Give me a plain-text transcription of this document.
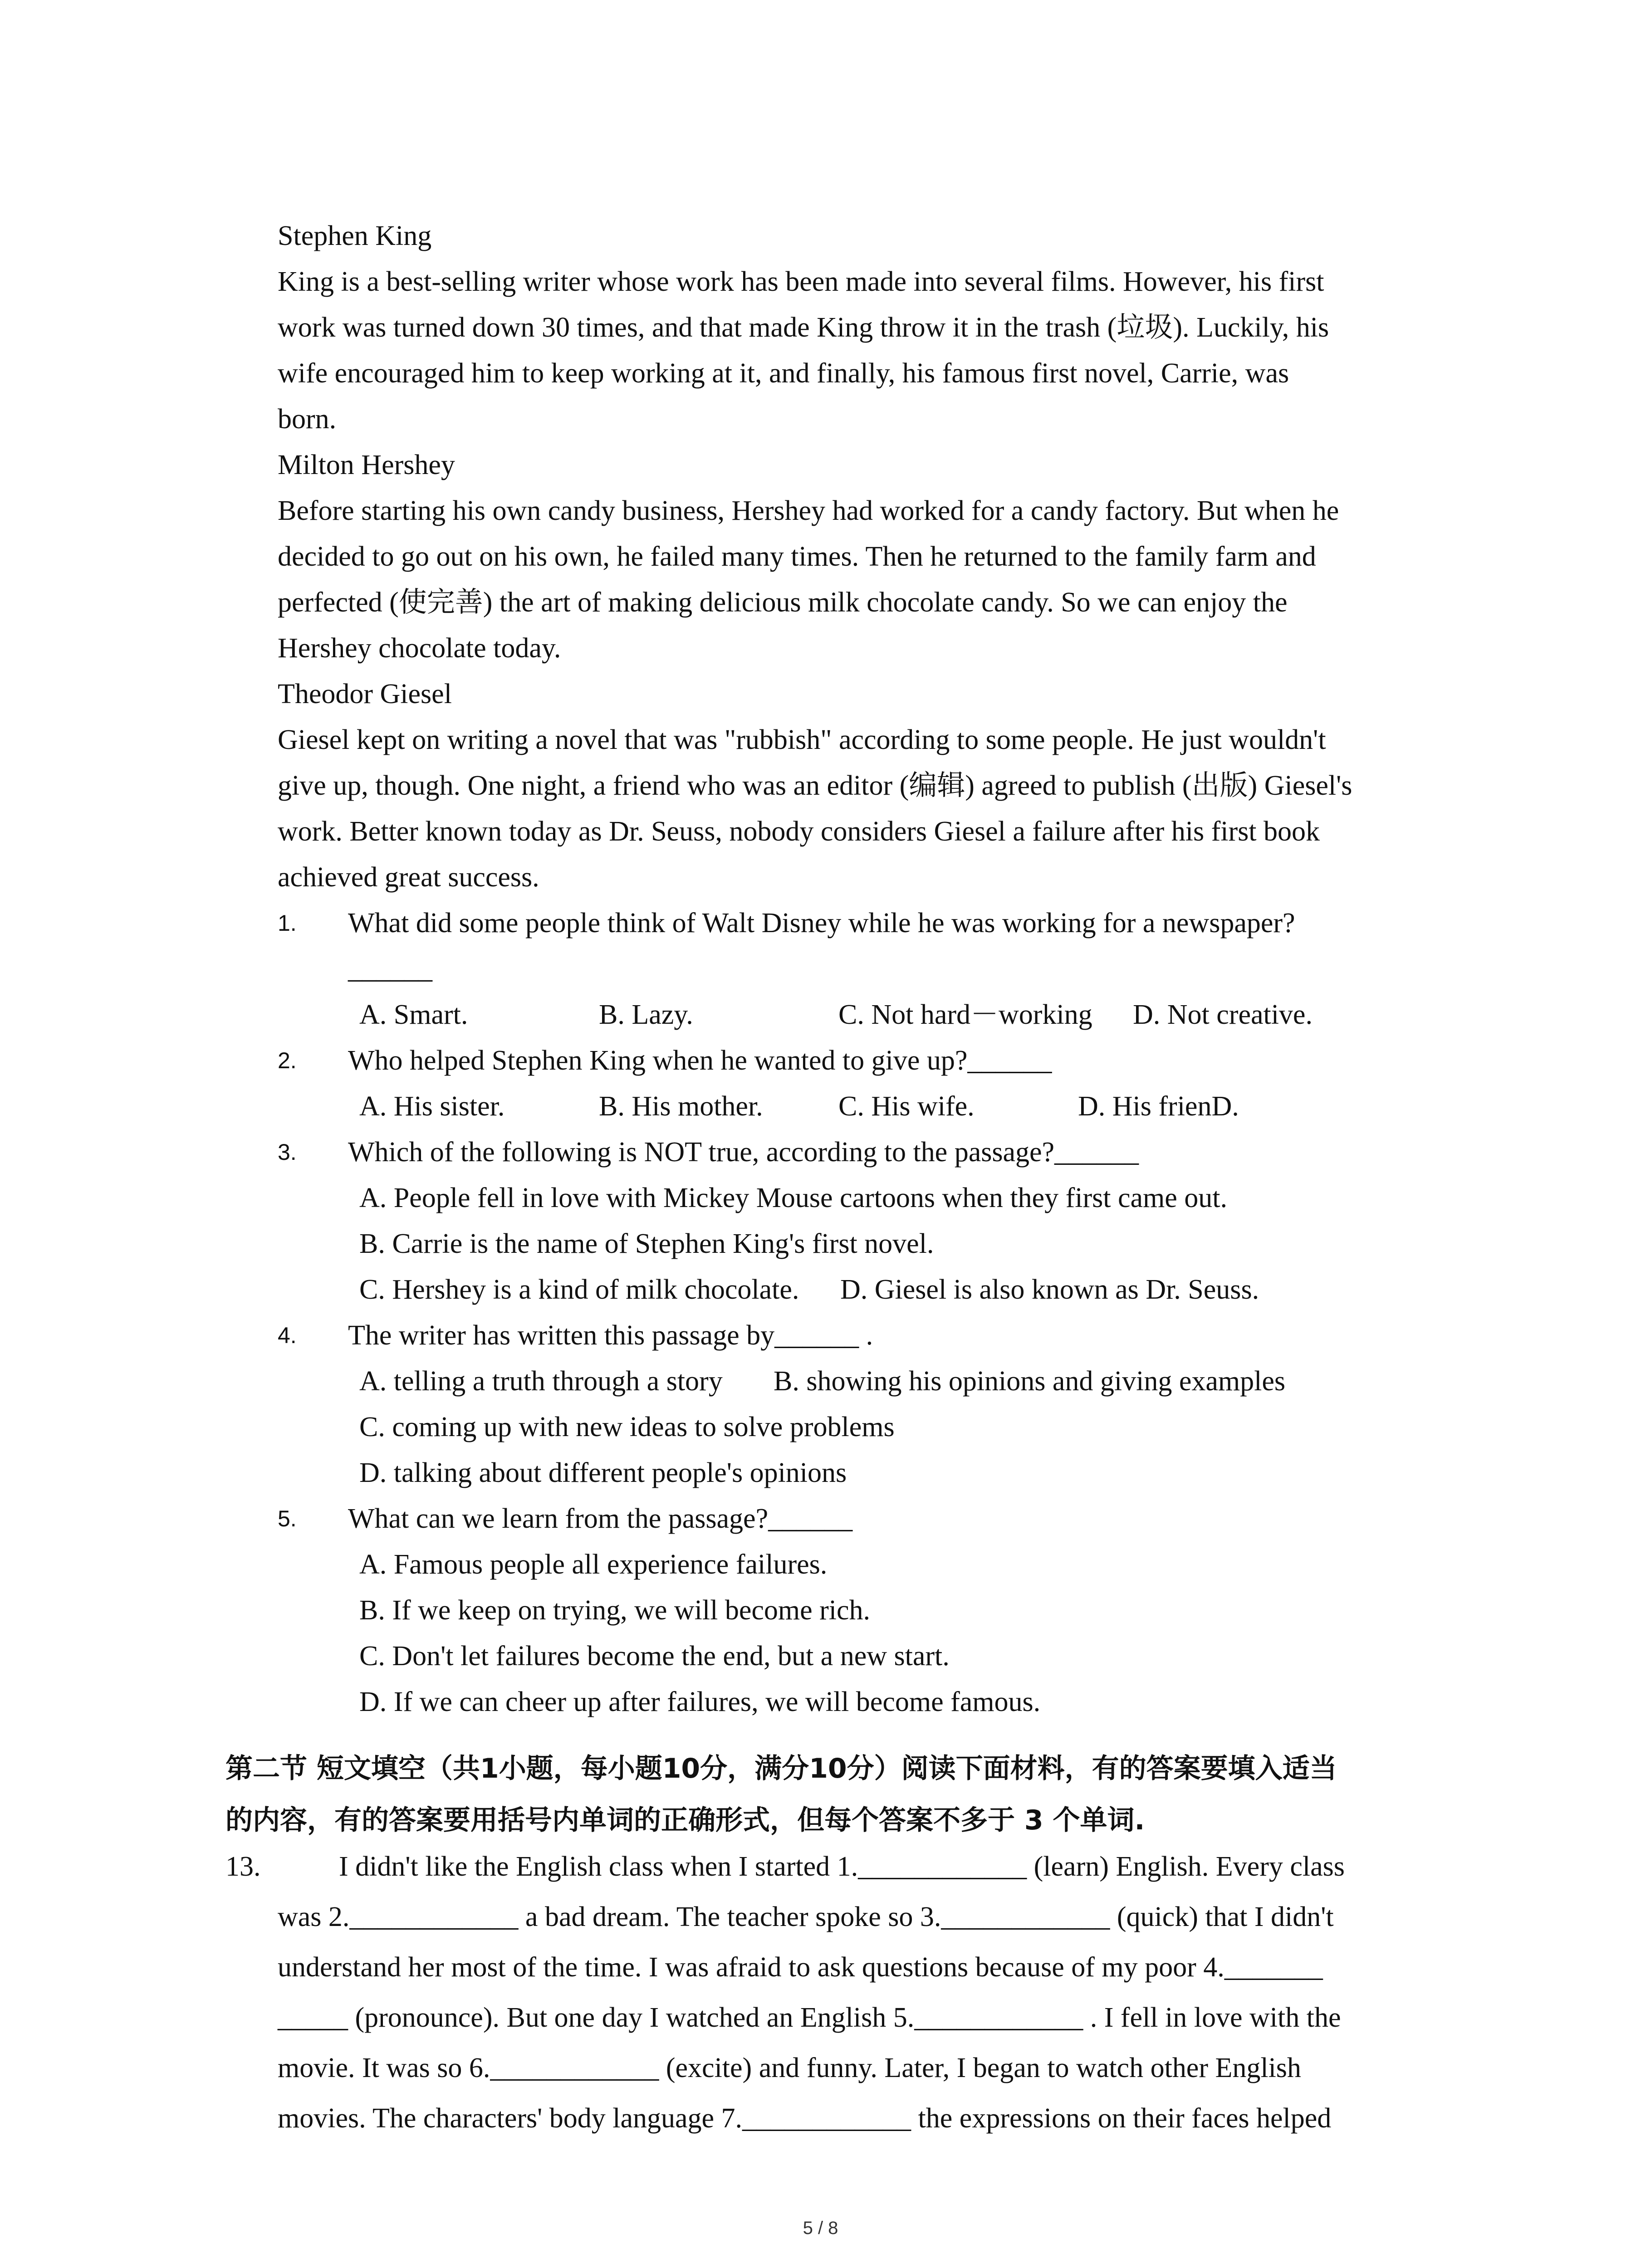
Stephen King
King is a best-selling writer whose work has been made into several films. However, his first
work was turned down 30 times, and that made King throw it in the trash (垃圾). Luckily, his
wife encouraged him to keep working at it, and finally, his famous first novel, Carrie, was
born.
Milton Hershey
Before starting his own candy business, Hershey had worked for a candy factory. But when he
decided to go out on his own, he failed many times. Then he returned to the family farm and
perfected (使完善) the art of making delicious milk chocolate candy. So we can enjoy the
Hershey chocolate today.
Theodor Giesel
Giesel kept on writing a novel that was "rubbish" according to some people. He just wouldn't
give up, though. One night, a friend who was an editor (编辑) agreed to publish (出版) Giesel's
work. Better known today as Dr. Seuss, nobody considers Giesel a failure after his first book
achieved great success.
1.	What did some people think of Walt Disney while he was working for a newspaper?
______
A. Smart.	B. Lazy.	C. Not hard－working D. Not creative.
2.	Who helped Stephen King when he wanted to give up?______
A. His sister.	B. His mother.	C. His wife.	D. His frienD.
3.	Which of the following is NOT true, according to the passage?______
A. People fell in love with Mickey Mouse cartoons when they first came out.
B. Carrie is the name of Stephen King's first novel.
C. Hershey is a kind of milk chocolate. D. Giesel is also known as Dr. Seuss.
4.	The writer has written this passage by______ .
A. telling a truth through a story B. showing his opinions and giving examples
C. coming up with new ideas to solve problems
D. talking about different people's opinions
5.	What can we learn from the passage?______
A. Famous people all experience failures.
B. If we keep on trying, we will become rich.
C. Don't let failures become the end, but a new start.
D. If we can cheer up after failures, we will become famous.
第二节 短文填空（共1小题，每小题10分，满分10分）阅读下面材料，有的答案要填入适当
的内容，有的答案要用括号内单词的正确形式，但每个答案不多于 3 个单词.
13.	I didn't like the English class when I started 1.____________ (learn) English. Every class
was 2.____________ a bad dream. The teacher spoke so 3.____________ (quick) that I didn't
understand her most of the time. I was afraid to ask questions because of my poor 4._______
_____ (pronounce). But one day I watched an English 5.____________ . I fell in love with the
movie. It was so 6.____________ (excite) and funny. Later, I began to watch other English
movies. The characters' body language 7.____________ the expressions on their faces helped
5 / 8
